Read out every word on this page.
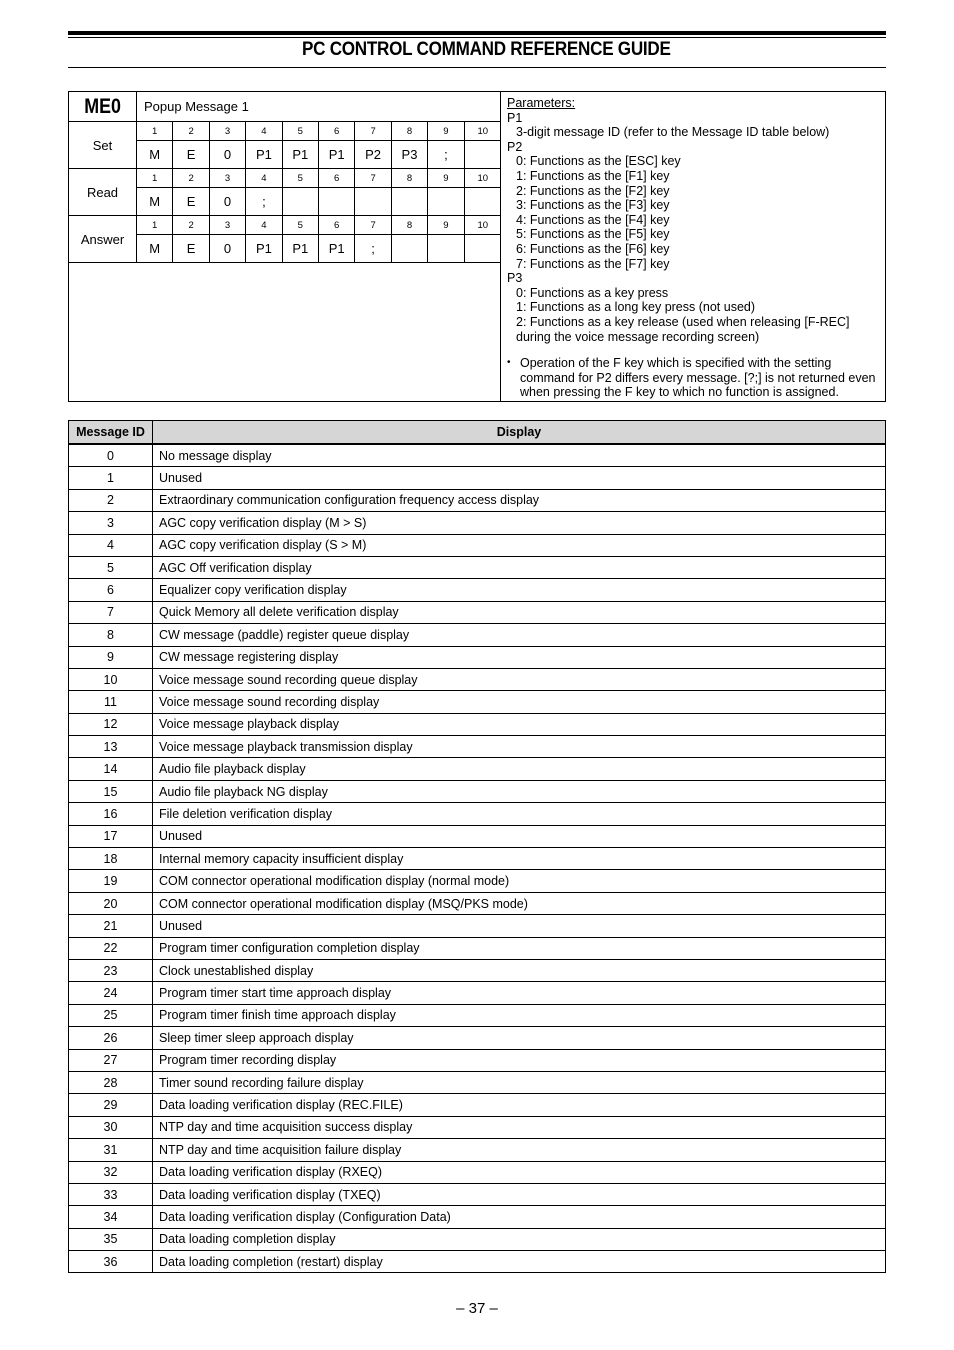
PC CONTROL COMMAND REFERENCE GUIDE
ME0	Popup Message 1
Set
1	2	3	4	5	6	7	8	9	10
M	E	0	P1	P1	P1	P2	P3	;
Read
1	2	3	4	5	6	7	8	9	10
M	E	0	;
Answer
1	2	3	4	5	6	7	8	9	10
M	E	0	P1	P1	P1	;
Parameters:
P1
3-digit message ID (refer to the Message ID table below)
P2
0: Functions as the [ESC] key
1: Functions as the [F1] key
2: Functions as the [F2] key
3: Functions as the [F3] key
4: Functions as the [F4] key
5: Functions as the [F5] key
6: Functions as the [F6] key
7: Functions as the [F7] key
P3
0: Functions as a key press
1: Functions as a long key press (not used)
2: Functions as a key release (used when releasing [F-REC]
during the voice message recording screen)
• Operation of the F key which is specified with the setting command for P2 differs every message. [?;] is not returned even when pressing the F key to which no function is assigned.
Message ID	Display
0	No message display
1	Unused
2	Extraordinary communication configuration frequency access display
3	AGC copy verification display (M > S)
4	AGC copy verification display (S > M)
5	AGC Off verification display
6	Equalizer copy verification display
7	Quick Memory all delete verification display
8	CW message (paddle) register queue display
9	CW message registering display
10	Voice message sound recording queue display
11	Voice message sound recording display
12	Voice message playback display
13	Voice message playback transmission display
14	Audio file playback display
15	Audio file playback NG display
16	File deletion verification display
17	Unused
18	Internal memory capacity insufficient display
19	COM connector operational modification display (normal mode)
20	COM connector operational modification display (MSQ/PKS mode)
21	Unused
22	Program timer configuration completion display
23	Clock unestablished display
24	Program timer start time approach display
25	Program timer finish time approach display
26	Sleep timer sleep approach display
27	Program timer recording display
28	Timer sound recording failure display
29	Data loading verification display (REC.FILE)
30	NTP day and time acquisition success display
31	NTP day and time acquisition failure display
32	Data loading verification display (RXEQ)
33	Data loading verification display (TXEQ)
34	Data loading verification display (Configuration Data)
35	Data loading completion display
36	Data loading completion (restart) display
– 37 –
